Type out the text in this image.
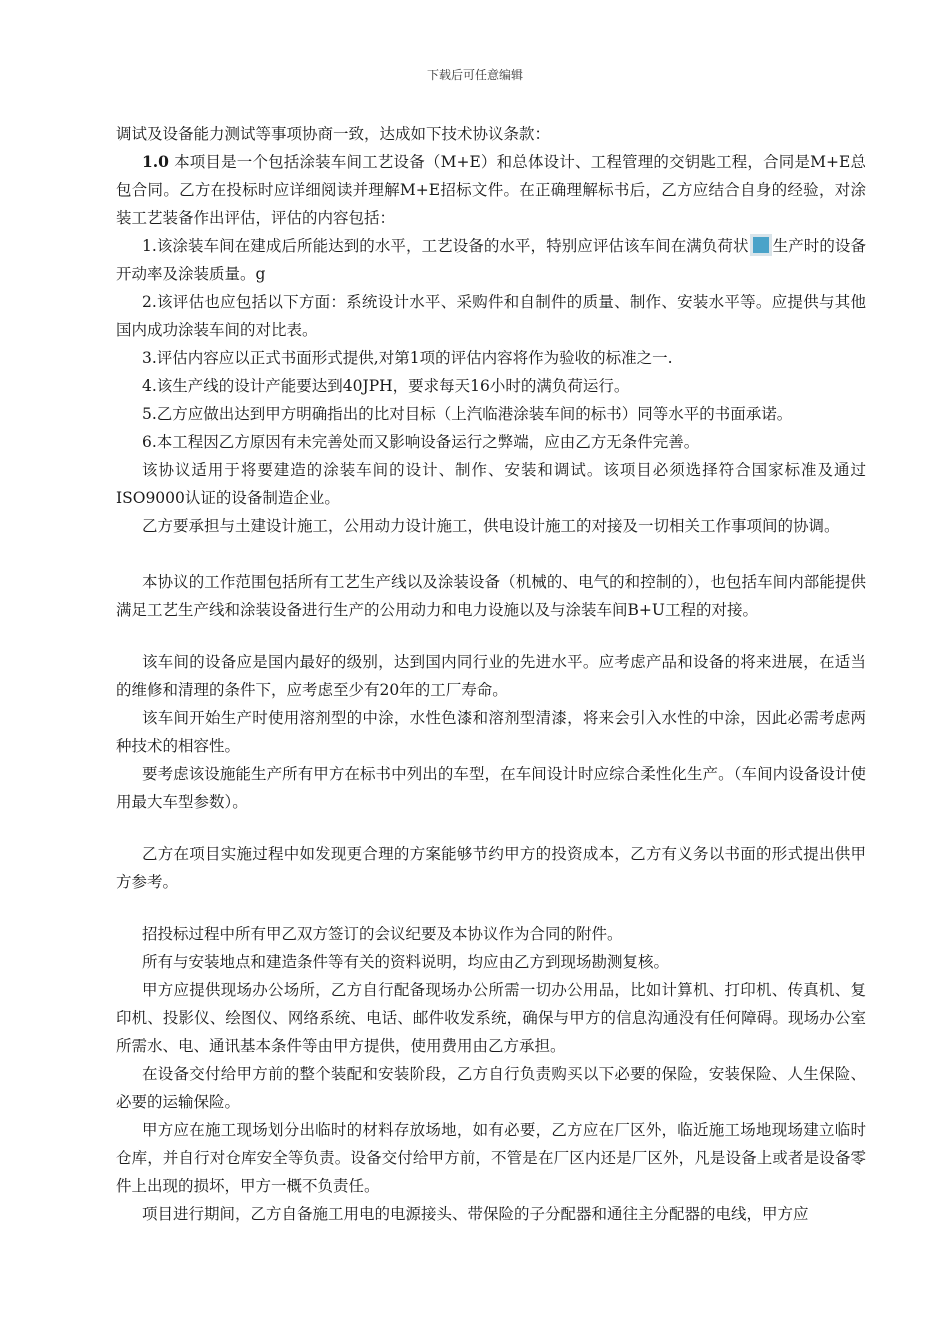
下载后可任意编辑

调试及设备能力测试等事项协商一致，达成如下技术协议条款：

1.0 本项目是一个包括涂装车间工艺设备（M+E）和总体设计、工程管理的交钥匙工程，合同是M+E总包合同。乙方在投标时应详细阅读并理解M+E招标文件。在正确理解标书后，乙方应结合自身的经验，对涂装工艺装备作出评估，评估的内容包括：

1.该涂装车间在建成后所能达到的水平，工艺设备的水平，特别应评估该车间在满负荷状 生产时的设备开动率及涂装质量。g

2.该评估也应包括以下方面：系统设计水平、采购件和自制件的质量、制作、安装水平等。应提供与其他国内成功涂装车间的对比表。

3.评估内容应以正式书面形式提供,对第1项的评估内容将作为验收的标准之一.

4.该生产线的设计产能要达到40JPH，要求每天16小时的满负荷运行。

5.乙方应做出达到甲方明确指出的比对目标（上汽临港涂装车间的标书）同等水平的书面承诺。

6.本工程因乙方原因有未完善处而又影响设备运行之弊端，应由乙方无条件完善。

该协议适用于将要建造的涂装车间的设计、制作、安装和调试。该项目必须选择符合国家标准及通过ISO9000认证的设备制造企业。

乙方要承担与土建设计施工，公用动力设计施工，供电设计施工的对接及一切相关工作事项间的协调。

本协议的工作范围包括所有工艺生产线以及涂装设备（机械的、电气的和控制的），也包括车间内部能提供满足工艺生产线和涂装设备进行生产的公用动力和电力设施以及与涂装车间B+U工程的对接。

该车间的设备应是国内最好的级别，达到国内同行业的先进水平。应考虑产品和设备的将来进展，在适当的维修和清理的条件下，应考虑至少有20年的工厂寿命。

该车间开始生产时使用溶剂型的中涂，水性色漆和溶剂型清漆，将来会引入水性的中涂，因此必需考虑两种技术的相容性。

要考虑该设施能生产所有甲方在标书中列出的车型，在车间设计时应综合柔性化生产。（车间内设备设计使用最大车型参数）。

乙方在项目实施过程中如发现更合理的方案能够节约甲方的投资成本，乙方有义务以书面的形式提出供甲方参考。

招投标过程中所有甲乙双方签订的会议纪要及本协议作为合同的附件。

所有与安装地点和建造条件等有关的资料说明，均应由乙方到现场勘测复核。

甲方应提供现场办公场所，乙方自行配备现场办公所需一切办公用品，比如计算机、打印机、传真机、复印机、投影仪、绘图仪、网络系统、电话、邮件收发系统，确保与甲方的信息沟通没有任何障碍。现场办公室所需水、电、通讯基本条件等由甲方提供，使用费用由乙方承担。

在设备交付给甲方前的整个装配和安装阶段，乙方自行负责购买以下必要的保险，安装保险、人生保险、必要的运输保险。

甲方应在施工现场划分出临时的材料存放场地，如有必要，乙方应在厂区外，临近施工场地现场建立临时仓库，并自行对仓库安全等负责。设备交付给甲方前，不管是在厂区内还是厂区外，凡是设备上或者是设备零件上出现的损坏，甲方一概不负责任。

项目进行期间，乙方自备施工用电的电源接头、带保险的子分配器和通往主分配器的电线，甲方应
